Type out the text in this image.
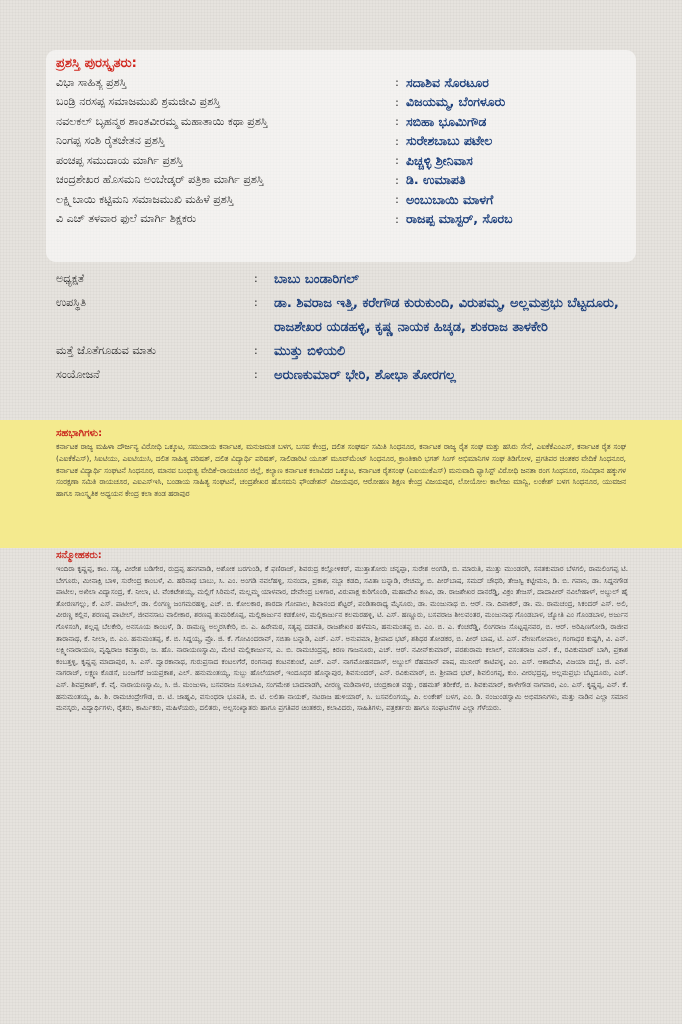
ಪ್ರಶಸ್ತಿ ಪುರಸ್ಕೃತರು:
ವಿಭಾ ಸಾಹಿತ್ಯ ಪ್ರಶಸ್ತಿ	: ಸದಾಶಿವ ಸೊರಟೂರ
ಬಂಡ್ರಿ ನರಸಪ್ಪ ಸಮಾಜಮುಖಿ ಶ್ರಮಜೀವಿ ಪ್ರಶಸ್ತಿ	: ವಿಜಯಮ್ಮ, ಬೆಂಗಳೂರು
ನವಲಕಲ್ ಬೃಹನ್ಮಠ ಶಾಂತವೀರಮ್ಮ ಮಹಾತಾಯಿ ಕಥಾ ಪ್ರಶಸ್ತಿ	: ಸಬಿಹಾ ಭೂಮಿಗೌಡ
ನಿಂಗಪ್ಪ ಸಂಶಿ ರೈತಚೇತನ ಪ್ರಶಸ್ತಿ	: ಸುರೇಶಬಾಬು ಪಟೇಲ
ಪಂಚಪ್ಪ ಸಮುದಾಯ ಮಾರ್ಗಿ ಪ್ರಶಸ್ತಿ	: ಪಿಚ್ಚಳ್ಳಿ ಶ್ರೀನಿವಾಸ
ಚಂದ್ರಶೇಖರ ಹೊಸಮನಿ ಅಂಬೇಡ್ಕರ್ ಪತ್ರಿಕಾ ಮಾರ್ಗಿ ಪ್ರಶಸ್ತಿ	: ಡಿ. ಉಮಾಪತಿ
ಲಕ್ಷ್ಮಿಬಾಯಿ ಕಟ್ಟಿಮನಿ ಸಮಾಜಮುಖಿ ಮಹಿಳೆ ಪ್ರಶಸ್ತಿ	: ಅಂಬುಬಾಯಿ ಮಾಳಗೆ
ವಿ ಎಚ್ ತಳವಾರ ಫುಲೆ ಮಾರ್ಗಿ ಶಿಕ್ಷಕರು	: ರಾಜಪ್ಪ ಮಾಸ್ಟರ್, ಸೊರಬ
ಅಧ್ಯಕ್ಷತೆ	:	ಬಾಬು ಬಂಡಾರಿಗಲ್
ಉಪಸ್ಥಿತಿ	:	ಡಾ. ಶಿವರಾಜ ಇತ್ತಿ, ಕರೇಗೌಡ ಕುರುಕುಂದಿ, ವಿರುಪಮ್ಮ, ಅಲ್ಲಮಪ್ರಭು ಬೆಟ್ಟದೂರು, ರಾಜಶೇಖರ ಯಡಹಳ್ಳಿ, ಕೃಷ್ಣ ನಾಯಕ ಹಿಚ್ಕಡ, ಶುಕರಾಜ ತಾಳಕೇರಿ
ಮತ್ತೆ ಜೊತೆಗೂಡುವ ಮಾತು	:	ಮುತ್ತು ಬಿಳಿಯಲಿ
ಸಂಯೋಜನೆ	:	ಅರುಣಕುಮಾರ್ ಭೇರಿ, ಶೋಭಾ ತೋರಗಲ್ಲ
ಸಹಭಾಗಿಗಳು:
ಕರ್ನಾಟಕ ರಾಜ್ಯ ಮಹಿಳಾ ದೌರ್ಜನ್ಯ ವಿರೋಧಿ ಒಕ್ಕೂಟ, ಸಮುದಾಯ ಕರ್ನಾಟಕ, ಮನುಜಮತ ಬಳಗ, ಬಸವ ಕೇಂದ್ರ, ದಲಿತ ಸಂಘರ್ಷ ಸಮಿತಿ ಸಿಂಧನೂರ, ಕರ್ನಾಟಕ ರಾಜ್ಯ ರೈತ ಸಂಘ ಮತ್ತು ಹಸಿರು ಸೇನೆ, ಎಐಕೆಕೆಎಂಎಸ್, ಕರ್ನಾಟಕ ರೈತ ಸಂಘ (ಎಐಕೆಕೆಎಸ್), ಸಿಐಟಿಯು, ಎಐಟಿಯುಸಿ, ದಲಿತ ಸಾಹಿತ್ಯ ಪರಿಷತ್, ದಲಿತ ವಿದ್ಯಾರ್ಥಿ ಪರಿಷತ್, ಸಾಲಿಡಾರಿಟಿ ಯೂತ್ ಮೂವ್‌ಮೆಂಟ್ ಸಿಂಧನೂರ, ಕ್ರಾಂತಿಕಾರಿ ಭಗತ್ ಸಿಂಗ್ ಅಭಿಮಾನಿಗಳ ಸಂಘ ತಿಡಿಗೋಳ, ಪ್ರಗತಿಪರ ಚಿಂತಕರ ವೇದಿಕೆ ಸಿಂಧನೂರ, ಕರ್ನಾಟಕ ವಿದ್ಯಾರ್ಥಿ ಸಂಘಟನೆ ಸಿಂಧನೂರ, ಮಾನವ ಬಂಧುತ್ವ ವೇದಿಕೆ–ರಾಯಚೂರ ಜಿಲ್ಲೆ, ಕಲ್ಯಾಣ ಕರ್ನಾಟಕ ಕಲಾವಿದರ ಒಕ್ಕೂಟ, ಕರ್ನಾಟಕ ರೈತಸಂಘ (ಎಐಯುಕೆಎಸ್) ಮನುವಾದಿ ಫ್ಯಾಸಿಸ್ಟ್ ವಿರೋಧಿ ಜನತಾ ರಂಗ ಸಿಂಧನೂರ, ಸಂವಿಧಾನ ಹಕ್ಕುಗಳ ಸಂರಕ್ಷಣಾ ಸಮಿತಿ ರಾಯಚೂರ, ಎಐಎಸ್‌ಇಸಿ, ಬಂಡಾಯ ಸಾಹಿತ್ಯ ಸಂಘಟನೆ, ಚಂದ್ರಶೇಖರ ಹೊಸಮನಿ ಫೌಂಡೇಶನ್ ವಿಜಯಪುರ, ಆರೋಹಣ ಶಿಕ್ಷಣ ಕೇಂದ್ರ ವಿಜಯಪುರ, ಲೋಯೋಲ ಕಾಲೇಜು ಮಾನ್ವಿ, ಲಂಕೇಶ್ ಬಳಗ ಸಿಂಧನೂರ, ಯುವಜನ ಹಾಗೂ ಸಾಂಸ್ಕೃತಿಕ ಅಧ್ಯಯನ ಕೇಂದ್ರ ಕಲಾ ತಂಡ ಹರಾಪುರ
ಸನ್ಮೋಹಕರು:
ಇಂದಿರಾ ಕೃಷ್ಣಪ್ಪ, ಕಾಂ. ಸತ್ಯ, ವೀರೇಶ ಬಡಿಗೇರ, ರುದ್ರಪ್ಪ ಹನಗವಾಡಿ, ಅಶೋಕ ಬರಗುಂಡಿ, ಕೆ ಫಣಿರಾಜ್, ಶಿವರುದ್ರ ಕಲ್ಲೋಳಿಕರ್, ಮುತ್ತಾತೋರು ಚನ್ನಪ್ಪಾ, ಸುರೇಶ ಅಂಗಡಿ, ಬಿ. ಮಾರುತಿ, ಮುತ್ತು ಮುಂಡರಗಿ, ಸನತಕುಮಾರ ಬೆಳಗಲಿ, ರಾಮಲಿಂಗಪ್ಪ ಟಿ. ಬೇಗೂರು, ಮೀನಾಕ್ಷಿ ಬಾಳಿ, ಸುರೇಂದ್ರ ಕಾಂಬಳೆ, ವಿ. ಹರಿನಾಥ ಬಾಬು, ಸಿ. ಎಂ. ಅಂಗಡಿ ನವಲೆಹಳ್ಳಿ, ಸುನಂದಾ, ಪ್ರಕಾಶ, ನಬ್ಬಾ ಕಡದಿ, ಸವಿತಾ ಬನ್ನಾಡಿ, ರೇಚಮ್ಮ, ಬಿ. ಪೀರ್‌ಬಾಷ, ಸಮದ್ ಚೌಧರಿ, ತೇಜಸ್ವಿ ಕಟ್ಟೀಮನಿ, ಡಿ. ಬಿ. ಗವಾನಿ, ಡಾ. ಸಿದ್ದನಗೌಡ ಪಾಟೀಲ, ಅಖಿಲಾ ವಿದ್ಯಾಸಂದ್ರ, ಕೆ. ನೀಲಾ, ಟಿ. ವೆಂಕಟೇಶಯ್ಯ, ಮಲ್ಲಿಗೆ ಸಿರಿಮನೆ, ಮಲ್ಲಮ್ಮ ಯಾಳವಾರ, ದೇವೇಂದ್ರ ಬಳಿಗಾರ, ವಿರುಪಾಕ್ಷ ಕುರಿಗೊಂಡಿ, ಮಹಾದೇವಿ ಕಣವಿ, ಡಾ. ರಾಜಶೇಖರ ದಾನರೆಡ್ಡಿ, ವಿಕ್ರಂ ತೇಜಸ್, ದಾದಾಪೀರ್ ನವಿಲೇಹಾಳ್, ಅಬ್ದುಲ್ ಹೈ ತೋರಣಗಲ್ಲು, ಕೆ. ಎಸ್. ಪಾಟೀಲ್, ಡಾ. ಲಿಂಗಣ್ಣ ಜಂಗಮರಹಳ್ಳಿ, ಎಚ್. ಬಿ. ಕೋಲಕಾರ, ಶಾರದಾ ಗೋಪಾಲ, ಶಿವಾನಂದ ಶೆಟ್ಟರ್, ಪಂಡಿತಾರಾಧ್ಯ ಮೈಸೂರು, ಡಾ. ಮಂಜುನಾಥ ಬಿ. ಆರ್. ನಾ. ದಿವಾಕರ್, ಡಾ. ಮ. ರಾಮಚಂದ್ರ, ಸಿಕಂದರ್ ಎಸ್. ಅಲಿ, ವೀರಣ್ಣ ಕಲ್ಲಿನ, ಶರಣಪ್ಪ ಪಾಟೀಲ್, ಜೀವನಸಾಬ ವಾಲೀಕಾರ, ಶರಣಪ್ಪ ತುಮರಿಕೊಪ್ಪ, ಮಲ್ಲಿಕಾರ್ಜುನ ಕಡಕೋಳ, ಮಲ್ಲಿಕಾರ್ಜುನ ಕಲಮರಹಳ್ಳಿ, ಟಿ. ಎಸ್. ಹಣ್ಣೂರು, ಬಸವರಾಜ ಶೀಲವಂತರ, ಮಂಜುನಾಥ ಗೊಂಡಬಾಳ, ಜ್ಯೋತಿ ಎಂ ಗೊಂಡಬಾಳ, ಅರ್ಜುನ ಗೊಳಸಂಗಿ, ಶಲ್ಲಪ್ಪ ಬೆಲಕೇರಿ, ಅನಸೂಯ ಕಾಂಬಳೆ, ಡಿ. ರಾಮಣ್ಣ ಅಲ್ಮರಸಿಕೇರಿ, ಬಿ. ಎ. ಹಿರೇಮಠ, ಸತ್ಯಪ್ಪ ದಡವತಿ, ರಾಜಶೇಖರ ಹಳೆಮನಿ, ಹನುಮಂತಪ್ಪ ಬಿ. ಎಂ. ಬಿ. ಎ. ಕೆಂಚರೆಡ್ಡಿ, ಲಿಂಗರಾಜ ಸೊಟ್ಟಪ್ಪನವರ, ಬಿ. ಆರ್. ಅರಿಷಿಣಗೋಡಿ, ರಾಜೀವ ತಾರಾನಾಥ, ಕೆ. ನೀಲಾ, ಬಿ. ಎಂ. ಹನುಮಂತಪ್ಪ, ಕೆ. ಬಿ. ಸಿದ್ದಯ್ಯ, ಪ್ರೊ. ಜಿ. ಕೆ. ಗೋವಿಂದರಾವ್, ಸಬಿತಾ ಬನ್ನಾಡಿ, ಎಚ್. ಎಸ್. ಅನುಪಮಾ, ಶ್ರೀಪಾದ ಭಟ್, ಶಶಿಧರ ತೋಡಕರ, ಬಿ. ಪೀರ್ ಬಾಷ, ಟಿ. ಎಸ್. ವೇಣುಗೋಪಾಲ, ಗಂಗಾಧರ ಕುಷ್ಟಗಿ, ವಿ. ಎನ್. ಲಕ್ಷ್ಮೀನಾರಾಯಣ, ಪೃಥ್ವಿರಾಜ ಕವತ್ತಾರು, ಜ. ಹೊ. ನಾರಾಯಣಸ್ವಾಮಿ, ಮೇಟಿ ಮಲ್ಲಿಕಾರ್ಜುನ, ಎ. ಬಿ. ರಾಮಚಂದ್ರಪ್ಪ, ಕಿರಣ ಗಾಜನೂರು, ಎಚ್. ಆರ್. ನವೀನ್‌ಕುಮಾರ್, ಪರಶುರಾಮ ಕಲಾಲ್, ವಸಂತರಾಜ ಎನ್. ಕೆ., ರವಿಕುಮಾರ್ ಬಾಗಿ, ಪ್ರಕಾಶ ಕಂಬತ್ತಳ್ಳಿ, ಕೃಷ್ಣಪ್ಪ ಮಾದಾಪುರ, ಸಿ. ಎಸ್. ದ್ವಾರಕಾನಾಥ, ಗುರುಪ್ರಸಾದ ಕಂಟಲಗೆರೆ, ರಂಗನಾಥ ಕಂಟನಕುಂಟೆ, ಎಚ್. ಎನ್. ನಾಗಮೋಹನದಾಸ್, ಅಬ್ದುಲ್ ರೆಹಮಾನ್ ಪಾಷ, ಮುನೀರ್ ಕಾಟಿಪಳ್ಳ, ಎಂ. ಎಸ್. ಆಶಾದೇವಿ, ವಿಜಯಾ ದಬ್ಬೆ, ಜಿ. ಎನ್. ನಾಗರಾಜ್, ಲಕ್ಷ್ಮಣ ಕೊಡಸೆ, ಬಂಜಗೆರೆ ಜಯಪ್ರಕಾಶ, ಎಲ್. ಹನುಮಂತಯ್ಯ, ಸುಬ್ಬು ಹೊಲೆಯಾರ್, ಇಂದೂಧರ ಹೊನ್ನಾಪುರ, ಶಿವಸುಂದರ್, ಎನ್. ರವಿಕುಮಾರ್, ಬಿ. ಶ್ರೀಪಾದ ಭಟ್, ಶಿವಲಿಂಗಪ್ಪ, ಕುಂ. ವೀರಭದ್ರಪ್ಪ, ಅಲ್ಲಮಪ್ರಭು ಬೆಟ್ಟದೂರು, ಎಚ್. ಎಸ್. ಶಿವಪ್ರಕಾಶ್, ಕೆ. ವೈ. ನಾರಾಯಣಸ್ವಾಮಿ, ಸಿ. ಜಿ. ಮಂಜುಳಾ, ಬಸವರಾಜ ಸೂಳಿಬಾವಿ, ಸಂಗಮೇಶ ಬಾದವಾಡಗಿ, ವೀರಣ್ಣ ಮಡಿವಾಳರ, ಚಂದ್ರಕಾಂತ ವಡ್ಡು, ರಹಮತ್ ತರೀಕೆರೆ, ಬಿ. ಶಿವಕುಮಾರ್, ಕಾಳೇಗೌಡ ನಾಗವಾರ, ಎಂ. ಎಸ್. ಕೃಷ್ಣಪ್ಪ, ಎನ್. ಕೆ. ಹನುಮಂತಯ್ಯ, ಹಿ. ಶಿ. ರಾಮಚಂದ್ರೇಗೌಡ, ಬಿ. ಟಿ. ಜಾಹ್ನವಿ, ವಸುಂಧರಾ ಭೂಪತಿ, ಬಿ. ಟಿ. ಲಲಿತಾ ನಾಯಕ್, ನಟರಾಜ ಹುಳಿಯಾರ್, ಸಿ. ಬಸವಲಿಂಗಯ್ಯ, ಪಿ. ಲಂಕೇಶ್ ಬಳಗ, ಎಂ. ಡಿ. ನಂಜುಂಡಸ್ವಾಮಿ ಅಭಿಮಾನಿಗಳು, ಮತ್ತು ನಾಡಿನ ಎಲ್ಲಾ ಸಮಾನ ಮನಸ್ಕರು, ವಿದ್ಯಾರ್ಥಿಗಳು, ರೈತರು, ಕಾರ್ಮಿಕರು, ಮಹಿಳೆಯರು, ದಲಿತರು, ಅಲ್ಪಸಂಖ್ಯಾತರು ಹಾಗೂ ಪ್ರಗತಿಪರ ಚಿಂತಕರು, ಕಲಾವಿದರು, ಸಾಹಿತಿಗಳು, ಪತ್ರಕರ್ತರು ಹಾಗೂ ಸಂಘಟನೆಗಳ ಎಲ್ಲಾ ಗೆಳೆಯರು.
